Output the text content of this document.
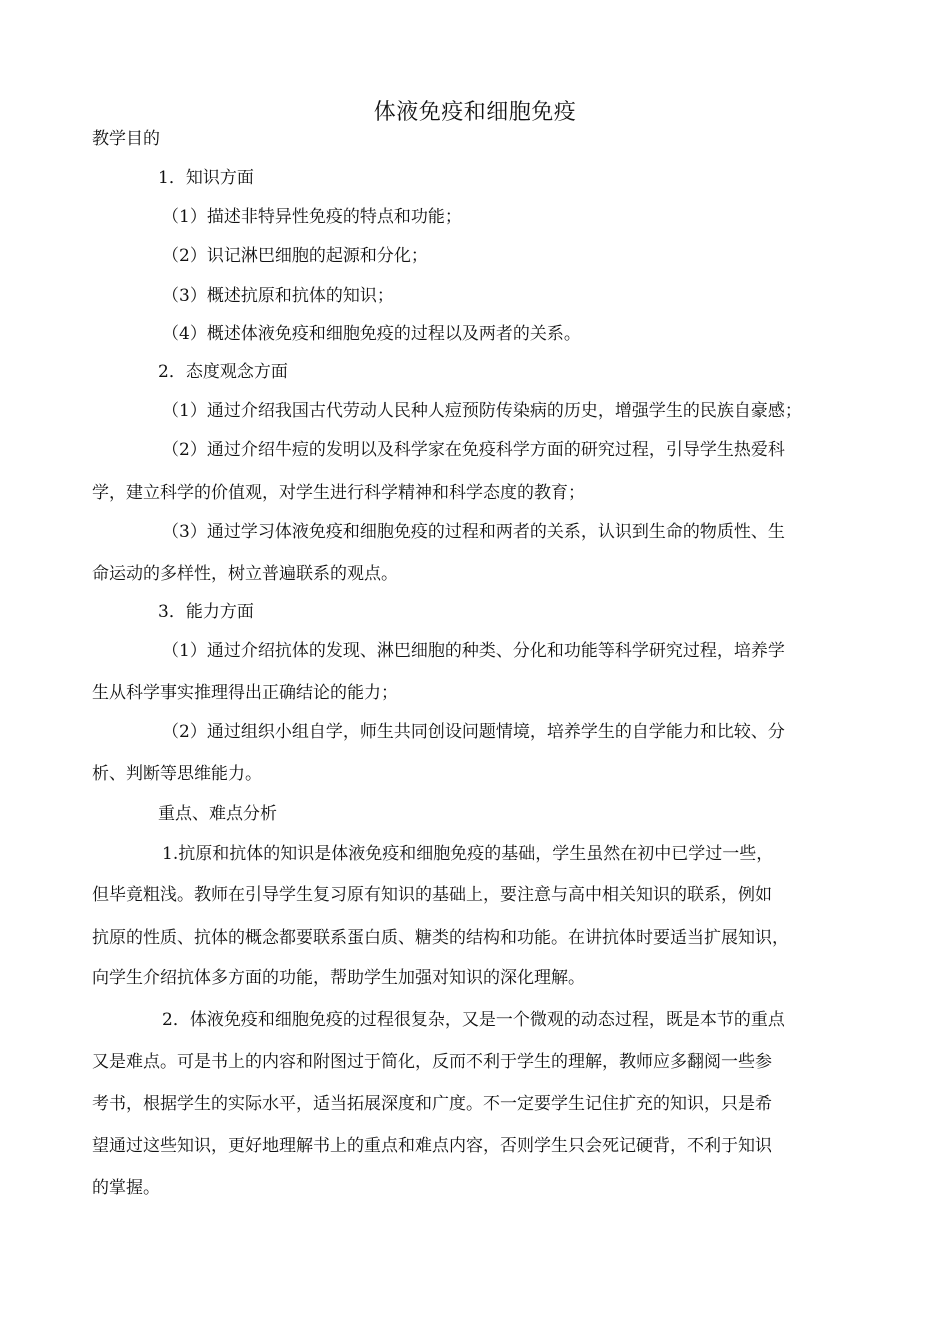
体液免疫和细胞免疫
教学目的
1．知识方面
（1）描述非特异性免疫的特点和功能；
（2）识记淋巴细胞的起源和分化；
（3）概述抗原和抗体的知识；
（4）概述体液免疫和细胞免疫的过程以及两者的关系。
2．态度观念方面
（1）通过介绍我国古代劳动人民种人痘预防传染病的历史，增强学生的民族自豪感；
（2）通过介绍牛痘的发明以及科学家在免疫科学方面的研究过程，引导学生热爱科
学，建立科学的价值观，对学生进行科学精神和科学态度的教育；
（3）通过学习体液免疫和细胞免疫的过程和两者的关系，认识到生命的物质性、生
命运动的多样性，树立普遍联系的观点。
3．能力方面
（1）通过介绍抗体的发现、淋巴细胞的种类、分化和功能等科学研究过程，培养学
生从科学事实推理得出正确结论的能力；
（2）通过组织小组自学，师生共同创设问题情境，培养学生的自学能力和比较、分
析、判断等思维能力。
重点、难点分析
1.抗原和抗体的知识是体液免疫和细胞免疫的基础，学生虽然在初中已学过一些，
但毕竟粗浅。教师在引导学生复习原有知识的基础上，要注意与高中相关知识的联系，例如
抗原的性质、抗体的概念都要联系蛋白质、糖类的结构和功能。在讲抗体时要适当扩展知识，
向学生介绍抗体多方面的功能，帮助学生加强对知识的深化理解。
2．体液免疫和细胞免疫的过程很复杂，又是一个微观的动态过程，既是本节的重点
又是难点。可是书上的内容和附图过于简化，反而不利于学生的理解，教师应多翻阅一些参
考书，根据学生的实际水平，适当拓展深度和广度。不一定要学生记住扩充的知识，只是希
望通过这些知识，更好地理解书上的重点和难点内容，否则学生只会死记硬背，不利于知识
的掌握。
